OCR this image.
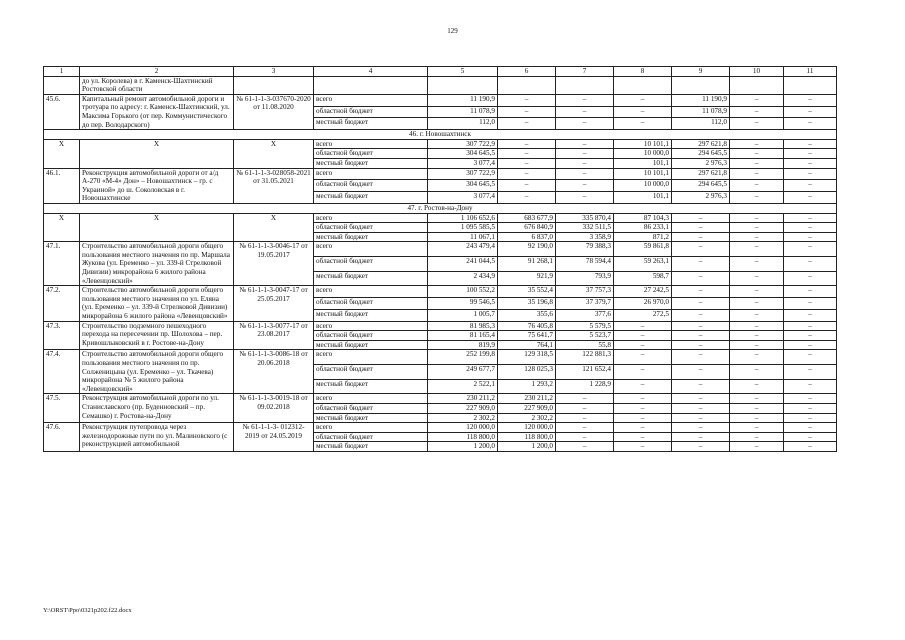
129
1	2	3	4	5	6	7	8	9	10	11
	до ул. Королева) в г. Каменск-Шахтинский Ростовской области									
45.6.	Капитальный ремонт автомобильной дороги и тротуара по адресу: г. Каменск-Шахтинский, ул. Максима Горького (от пер. Коммунистического до пер. Володарского)	№ 61-1-1-3-037670-2020 от 11.08.2020	всего	11 190,9	–	–	–	11 190,9	–	–
			областной бюджет	11 078,9	–	–	–	11 078,9	–	–
			местный бюджет	112,0	–	–	–	112,0	–	–
46. г. Новошахтинск										
Х	Х	Х	всего	307 722,9	–	–	10 101,1	297 621,8	–	–
			областной бюджет	304 645,5	–	–	10 000,0	294 645,5	–	–
			местный бюджет	3 077,4	–	–	101,1	2 976,3	–	–
46.1.	Реконструкция автомобильной дороги от а/д А-270 «М-4» Дон» – Новошахтинск – гр. с Украиной» до ш. Соколовская в г. Новошахтинске	№ 61-1-1-3-028058-2021 от 31.05.2021	всего	307 722,9	–	–	10 101,1	297 621,8	–	–
			областной бюджет	304 645,5	–	–	10 000,0	294 645,5	–	–
			местный бюджет	3 077,4	–	–	101,1	2 976,3	–	–
47. г. Ростов-на-Дону										
Х	Х	Х	всего	1 106 652,6	683 677,9	335 870,4	87 104,3	–	–	–
			областной бюджет	1 095 585,5	676 840,9	332 511,5	86 233,1	–	–	–
			местный бюджет	11 067,1	6 837,0	3 358,9	871,2	–	–	–
47.1.	Строительство автомобильной дороги общего пользования местного значения по пр. Маршала Жукова (ул. Еременко – ул. 339-й Стрелковой Дивизии) микрорайона 6 жилого района «Левенцовский»	№ 61-1-1-3-0046-17 от 19.05.2017	всего	243 479,4	92 190,0	79 388,3	59 861,8	–	–	–
			областной бюджет	241 044,5	91 268,1	78 594,4	59 263,1	–	–	–
			местный бюджет	2 434,9	921,9	793,9	598,7	–	–	–
47.2.	Строительство автомобильной дороги общего пользования местного значения по ул. Еляна (ул. Еременко – ул. 339-й Стрелковой Дивизии) микрорайона 6 жилого района «Левенцовский»	№ 61-1-1-3-0047-17 от 25.05.2017	всего	100 552,2	35 552,4	37 757,3	27 242,5	–	–	–
			областной бюджет	99 546,5	35 196,8	37 379,7	26 970,0	–	–	–
			местный бюджет	1 005,7	355,6	377,6	272,5	–	–	–
47.3.	Строительство подземного пешеходного перехода на пересечении пр. Шолохова – пер. Кривошлыковский в г. Ростове-на-Дону	№ 61-1-1-3-0077-17 от 23.08.2017	всего	81 985,3	76 405,8	5 579,5	–	–	–	–
			областной бюджет	81 165,4	75 641,7	5 523,7	–	–	–	–
			местный бюджет	819,9	764,1	55,8	–	–	–	–
47.4.	Строительство автомобильной дороги общего пользования местного значения по пр. Солженицына (ул. Еременко – ул. Ткачева) микрорайона № 5 жилого района «Левенцовский»	№ 61-1-1-3-0086-18 от 20.06.2018	всего	252 199,8	129 318,5	122 881,3	–	–	–	–
			областной бюджет	249 677,7	128 025,3	121 652,4	–	–	–	–
			местный бюджет	2 522,1	1 293,2	1 228,9	–	–	–	–
47.5.	Реконструкция автомобильной дороги по ул. Станиславского (пр. Буденновский – пр. Семашко) г. Ростова-на-Дону	№ 61-1-1-3-0019-18 от 09.02.2018	всего	230 211,2	230 211,2	–	–	–	–	–
			областной бюджет	227 909,0	227 909,0	–	–	–	–	–
			местный бюджет	2 302,2	2 302,2	–	–	–	–	–
47.6.	Реконструкция путепровода через железнодорожные пути по ул. Малиновского (с реконструкцией автомобильной	№ 61-1-1-3- 012312-2019 от 24.05.2019	всего	120 000,0	120 000,0	–	–	–	–	–
			областной бюджет	118 800,0	118 800,0	–	–	–	–	–
			местный бюджет	1 200,0	1 200,0	–	–	–	–	–
Y:\ORST\Ppo\0321p202.f22.docx
